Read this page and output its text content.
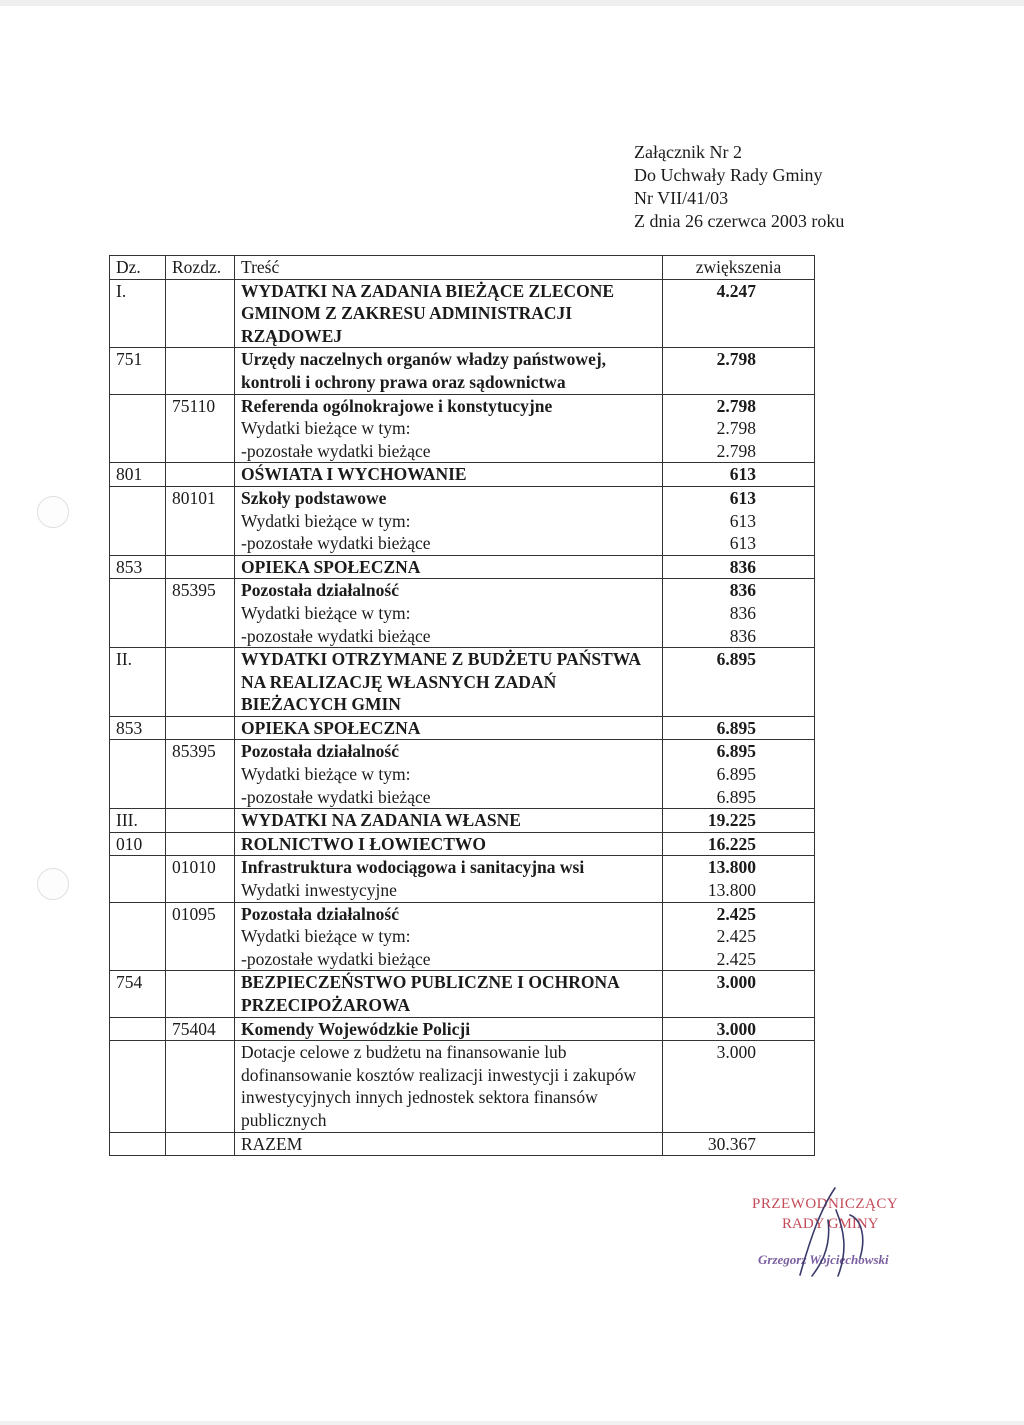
Załącznik Nr 2
Do Uchwały Rady Gminy
Nr VII/41/03
Z dnia 26 czerwca 2003 roku
Dz.	Rozdz.	Treść	zwiększenia
I.		WYDATKI NA ZADANIA BIEŻĄCE ZLECONE GMINOM Z ZAKRESU ADMINISTRACJI RZĄDOWEJ	4.247
751		Urzędy naczelnych organów władzy państwowej, kontroli i ochrony prawa oraz sądownictwa	2.798
	75110	Referenda ogólnokrajowe i konstytucyjne	2.798
		Wydatki bieżące w tym:	2.798
		-pozostałe wydatki bieżące	2.798
801		OŚWIATA I WYCHOWANIE	613
	80101	Szkoły podstawowe	613
		Wydatki bieżące w tym:	613
		-pozostałe wydatki bieżące	613
853		OPIEKA SPOŁECZNA	836
	85395	Pozostała działalność	836
		Wydatki bieżące w tym:	836
		-pozostałe wydatki bieżące	836
II.		WYDATKI OTRZYMANE Z BUDŻETU PAŃSTWA NA REALIZACJĘ WŁASNYCH ZADAŃ BIEŻACYCH GMIN	6.895
853		OPIEKA SPOŁECZNA	6.895
	85395	Pozostała działalność	6.895
		Wydatki bieżące w tym:	6.895
		-pozostałe wydatki bieżące	6.895
III.		WYDATKI NA ZADANIA WŁASNE	19.225
010		ROLNICTWO I ŁOWIECTWO	16.225
	01010	Infrastruktura wodociągowa i sanitacyjna wsi	13.800
		Wydatki inwestycyjne	13.800
	01095	Pozostała działalność	2.425
		Wydatki bieżące w tym:	2.425
		-pozostałe wydatki bieżące	2.425
754		BEZPIECZEŃSTWO PUBLICZNE I OCHRONA PRZECIPOŻAROWA	3.000
	75404	Komendy Wojewódzkie Policji	3.000
		Dotacje celowe z budżetu na finansowanie lub dofinansowanie kosztów realizacji inwestycji i zakupów inwestycyjnych innych jednostek sektora finansów publicznych	3.000
		RAZEM	30.367
PRZEWODNICZĄCY
RADY GMINY
Grzegorz Wojciechowski
